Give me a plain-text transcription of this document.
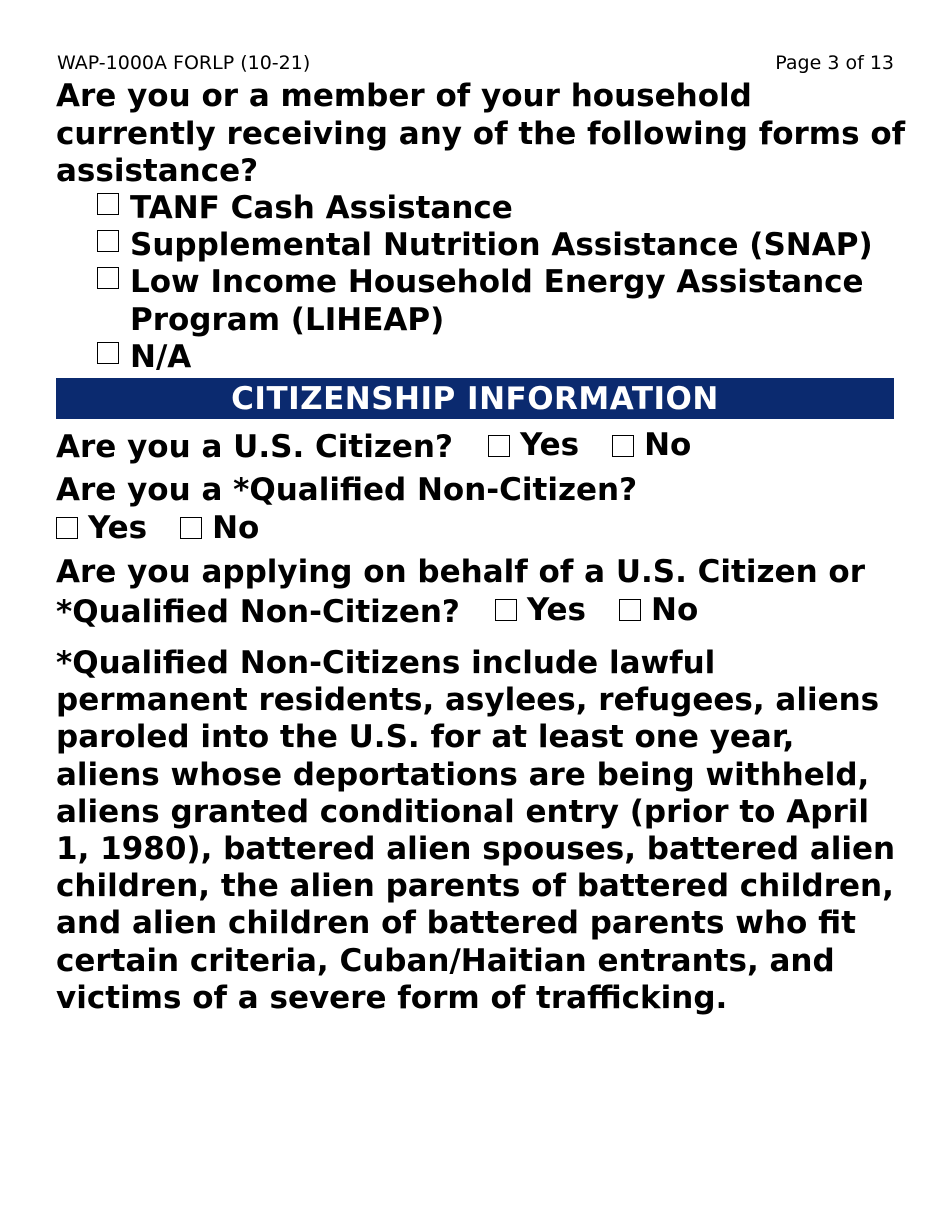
WAP-1000A FORLP (10-21)	Page 3 of 13
Are you or a member of your household
currently receiving any of the following forms of
assistance?
TANF Cash Assistance
Supplemental Nutrition Assistance (SNAP)
Low Income Household Energy Assistance
Program (LIHEAP)
N/A
CITIZENSHIP INFORMATION
Are you a U.S. Citizen? Yes No
Are you a *Qualified Non-Citizen?
Yes No
Are you applying on behalf of a U.S. Citizen or
*Qualified Non-Citizen? Yes No
*Qualified Non-Citizens include lawful
permanent residents, asylees, refugees, aliens
paroled into the U.S. for at least one year,
aliens whose deportations are being withheld,
aliens granted conditional entry (prior to April
1, 1980), battered alien spouses, battered alien
children, the alien parents of battered children,
and alien children of battered parents who fit
certain criteria, Cuban/Haitian entrants, and
victims of a severe form of trafficking.
